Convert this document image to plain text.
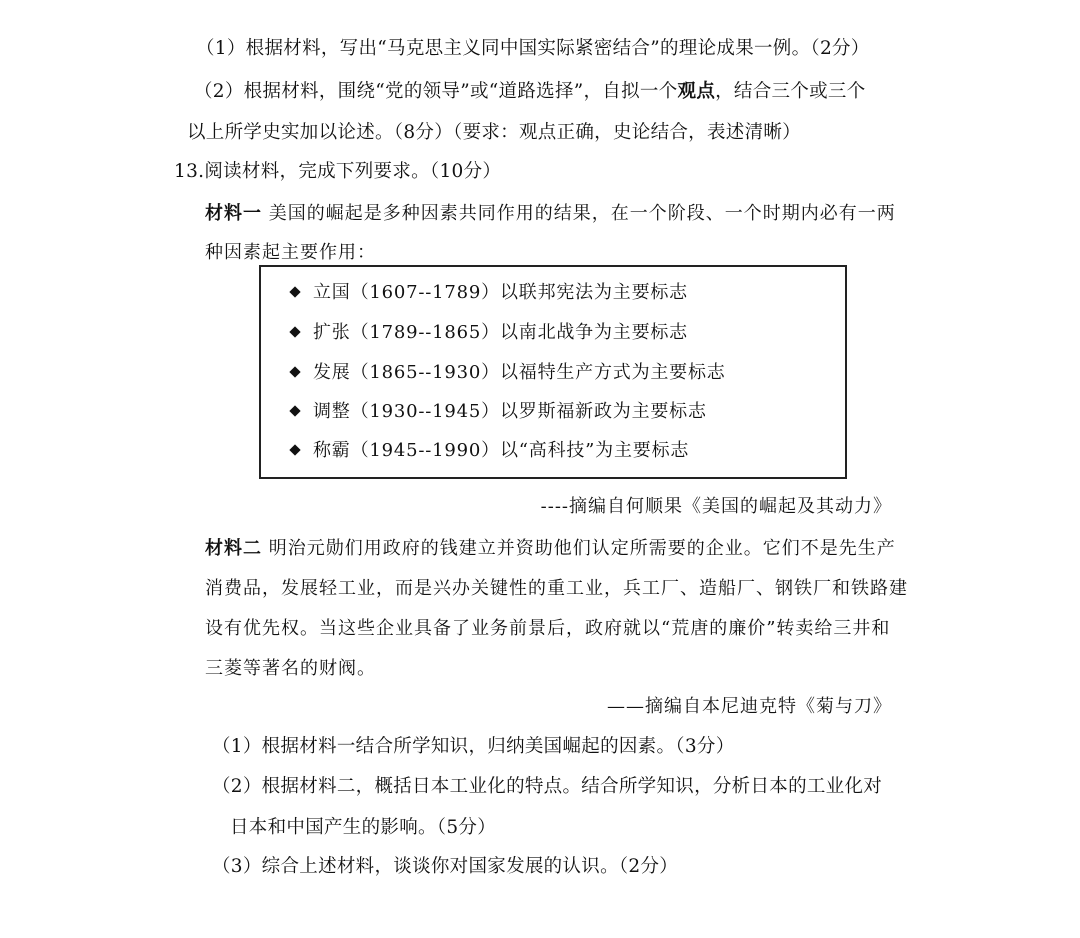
（1）根据材料，写出“马克思主义同中国实际紧密结合”的理论成果一例。（2分）
（2）根据材料，围绕“党的领导”或“道路选择”，自拟一个观点，结合三个或三个
以上所学史实加以论述。（8分）（要求：观点正确，史论结合，表述清晰）
13.阅读材料，完成下列要求。（10分）
材料一 美国的崛起是多种因素共同作用的结果，在一个阶段、一个时期内必有一两
种因素起主要作用：
立国（1607--1789）以联邦宪法为主要标志
扩张（1789--1865）以南北战争为主要标志
发展（1865--1930）以福特生产方式为主要标志
调整（1930--1945）以罗斯福新政为主要标志
称霸（1945--1990）以“高科技”为主要标志
----摘编自何顺果《美国的崛起及其动力》
材料二 明治元勋们用政府的钱建立并资助他们认定所需要的企业。它们不是先生产
消费品，发展轻工业，而是兴办关键性的重工业，兵工厂、造船厂、钢铁厂和铁路建
设有优先权。当这些企业具备了业务前景后，政府就以“荒唐的廉价”转卖给三井和
三菱等著名的财阀。
——摘编自本尼迪克特《菊与刀》
（1）根据材料一结合所学知识，归纳美国崛起的因素。（3分）
（2）根据材料二，概括日本工业化的特点。结合所学知识，分析日本的工业化对
日本和中国产生的影响。（5分）
（3）综合上述材料，谈谈你对国家发展的认识。（2分）
